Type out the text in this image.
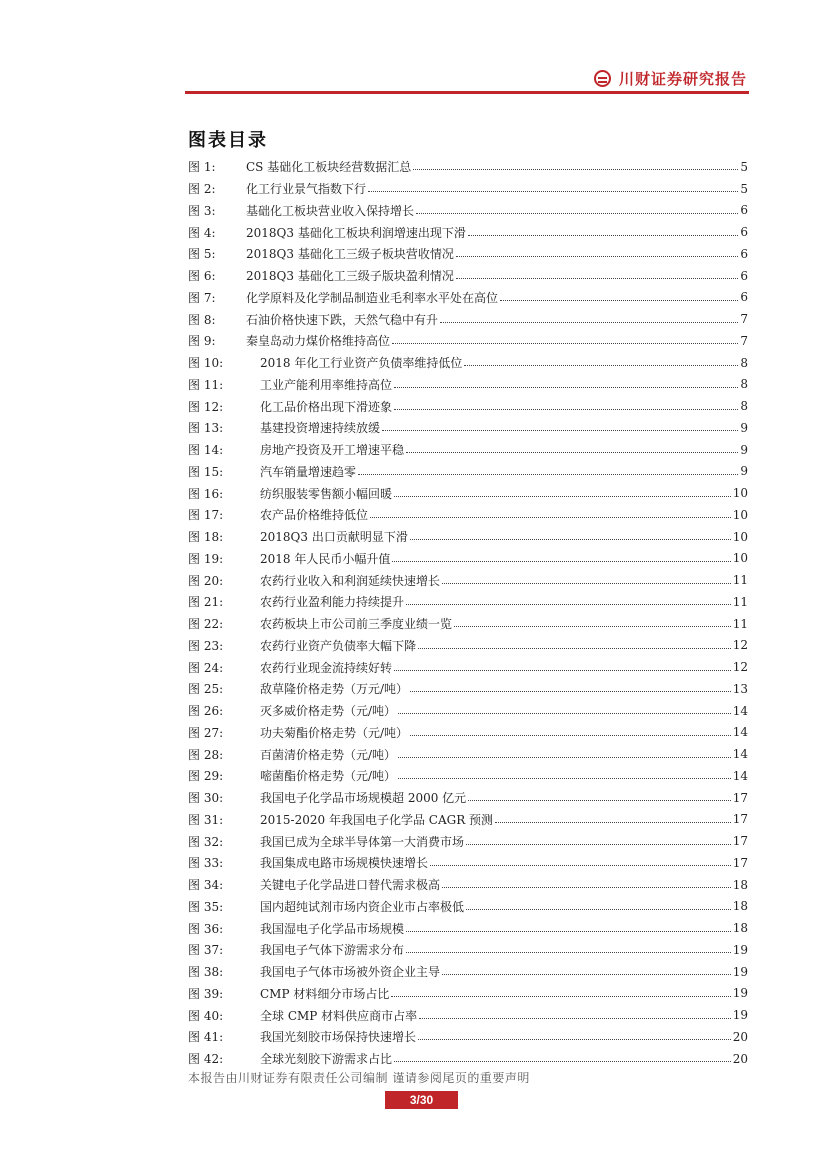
川财证券研究报告
图表目录
图 1:	CS 基础化工板块经营数据汇总	5
图 2:	化工行业景气指数下行	5
图 3:	基础化工板块营业收入保持增长	6
图 4:	2018Q3 基础化工板块利润增速出现下滑	6
图 5:	2018Q3 基础化工三级子板块营收情况	6
图 6:	2018Q3 基础化工三级子版块盈利情况	6
图 7:	化学原料及化学制品制造业毛利率水平处在高位	6
图 8:	石油价格快速下跌，天然气稳中有升	7
图 9:	秦皇岛动力煤价格维持高位	7
图 10:	2018 年化工行业资产负债率维持低位	8
图 11:	工业产能利用率维持高位	8
图 12:	化工品价格出现下滑迹象	8
图 13:	基建投资增速持续放缓	9
图 14:	房地产投资及开工增速平稳	9
图 15:	汽车销量增速趋零	9
图 16:	纺织服装零售额小幅回暖	10
图 17:	农产品价格维持低位	10
图 18:	2018Q3 出口贡献明显下滑	10
图 19:	2018 年人民币小幅升值	10
图 20:	农药行业收入和利润延续快速增长	11
图 21:	农药行业盈利能力持续提升	11
图 22:	农药板块上市公司前三季度业绩一览	11
图 23:	农药行业资产负债率大幅下降	12
图 24:	农药行业现金流持续好转	12
图 25:	敌草隆价格走势（万元/吨）	13
图 26:	灭多威价格走势（元/吨）	14
图 27:	功夫菊酯价格走势（元/吨）	14
图 28:	百菌清价格走势（元/吨）	14
图 29:	嘧菌酯价格走势（元/吨）	14
图 30:	我国电子化学品市场规模超 2000 亿元	17
图 31:	2015-2020 年我国电子化学品 CAGR 预测	17
图 32:	我国已成为全球半导体第一大消费市场	17
图 33:	我国集成电路市场规模快速增长	17
图 34:	关键电子化学品进口替代需求极高	18
图 35:	国内超纯试剂市场内资企业市占率极低	18
图 36:	我国湿电子化学品市场规模	18
图 37:	我国电子气体下游需求分布	19
图 38:	我国电子气体市场被外资企业主导	19
图 39:	CMP 材料细分市场占比	19
图 40:	全球 CMP 材料供应商市占率	19
图 41:	我国光刻胶市场保持快速增长	20
图 42:	全球光刻胶下游需求占比	20
本报告由川财证券有限责任公司编制 谨请参阅尾页的重要声明
3/30
